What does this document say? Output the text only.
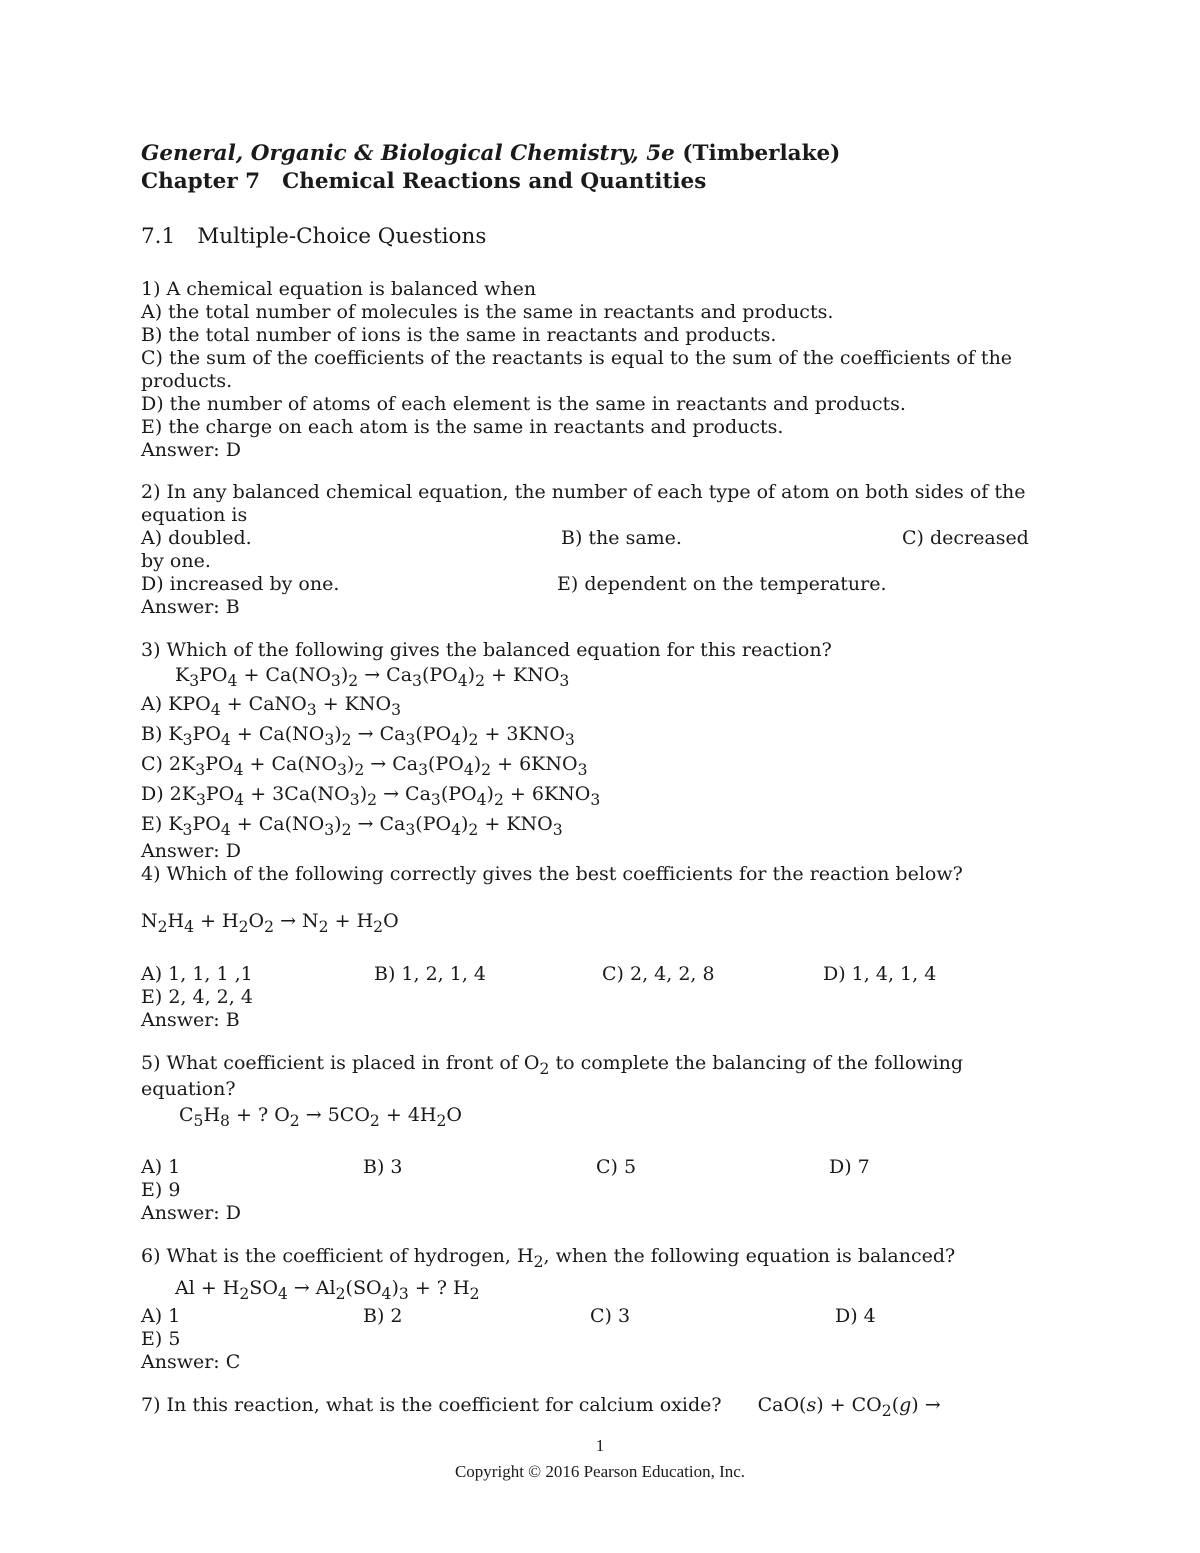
General, Organic & Biological Chemistry, 5e (Timberlake)
Chapter 7 Chemical Reactions and Quantities
7.1 Multiple-Choice Questions
1) A chemical equation is balanced when
A) the total number of molecules is the same in reactants and products.
B) the total number of ions is the same in reactants and products.
C) the sum of the coefficients of the reactants is equal to the sum of the coefficients of the
products.
D) the number of atoms of each element is the same in reactants and products.
E) the charge on each atom is the same in reactants and products.
Answer: D
2) In any balanced chemical equation, the number of each type of atom on both sides of the
equation is
A) doubled.	B) the same.	C) decreased
by one.
D) increased by one.	E) dependent on the temperature.
Answer: B
3) Which of the following gives the balanced equation for this reaction?
$K_3PO_4 + Ca(NO_3)_2 \to Ca_3(PO_4)_2 + KNO_3$
A) $KPO_4$ + CaNO$_3$ + $KNO_3$
B) $K_3PO_4 + Ca(NO_3)_2 \to Ca_3(PO_4)_2 + 3KNO_3$
C) $2K_3PO_4 + Ca(NO_3)_2 \to Ca_3(PO_4)_2 + 6KNO_3$
D) $2K_3PO_4 + 3Ca(NO_3)_2 \to Ca_3(PO_4)_2 + 6KNO_3$
E) $K_3PO_4 + Ca(NO_3)_2 \to Ca_3(PO_4)_2 + KNO_3$
Answer: D
4) Which of the following correctly gives the best coefficients for the reaction below?
$N_2H_4 + H_2O_2 \to N_2 + H_2O$
A) 1, 1, 1 ,1	B) 1, 2, 1, 4	C) 2, 4, 2, 8	D) 1, 4, 1, 4
E) 2, 4, 2, 4
Answer: B
5) What coefficient is placed in front of $O_2$ to complete the balancing of the following
equation?
$C_5H_8$ + ? $O_2 \to 5CO_2 + 4H_2O$
A) 1	B) 3	C) 5	D) 7
E) 9
Answer: D
6) What is the coefficient of hydrogen, $H_2$, when the following equation is balanced?
$Al + H_2SO_4 \to Al_2(SO_4)_3$ + ? $H_2$
A) 1	B) 2	C) 3	D) 4
E) 5
Answer: C
7) In this reaction, what is the coefficient for calcium oxide? $CaO(s) + CO_2(g)$ →
1
Copyright © 2016 Pearson Education, Inc.
